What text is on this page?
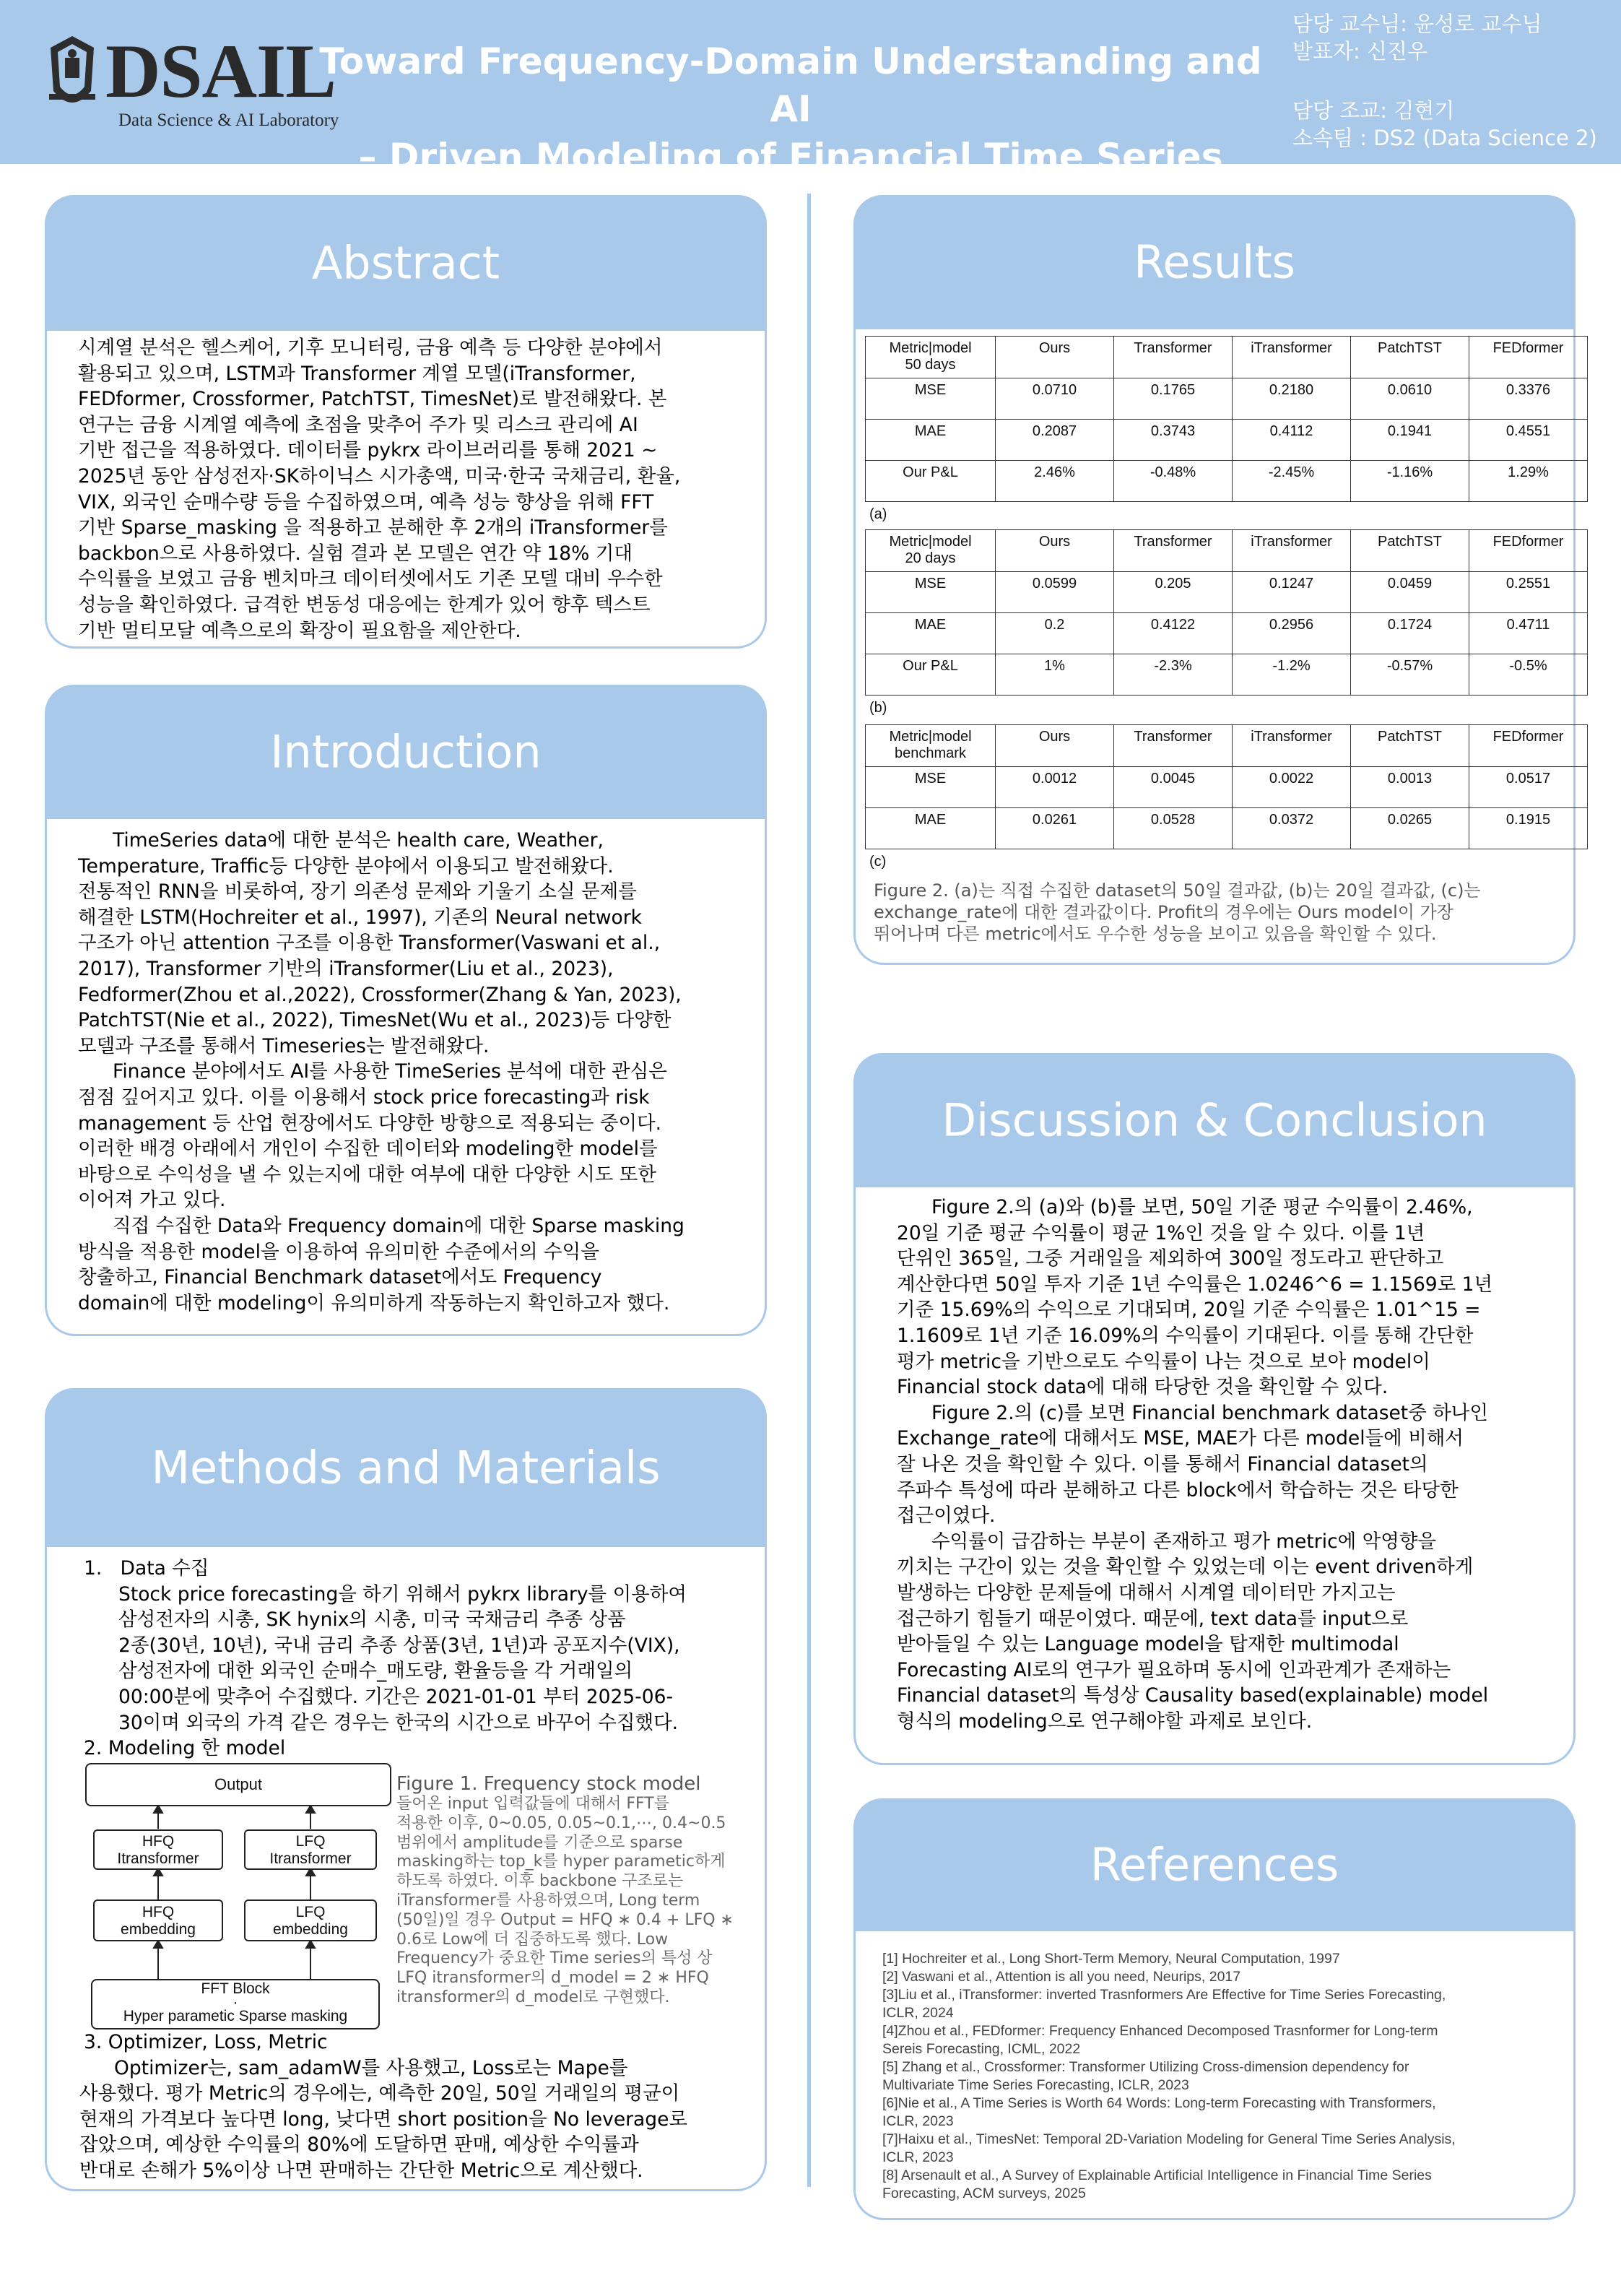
DSAIL
Data Science & AI Laboratory
Toward Frequency-Domain Understanding and AI
– Driven Modeling of Financial Time Series
담당 교수님: 윤성로 교수님
발표자: 신진우
담당 조교: 김현기
소속팀 : DS2 (Data Science 2)
Abstract
시계열 분석은 헬스케어, 기후 모니터링, 금융 예측 등 다양한 분야에서
활용되고 있으며, LSTM과 Transformer 계열 모델(iTransformer,
FEDformer, Crossformer, PatchTST, TimesNet)로 발전해왔다. 본
연구는 금융 시계열 예측에 초점을 맞추어 주가 및 리스크 관리에 AI
기반 접근을 적용하였다. 데이터를 pykrx 라이브러리를 통해 2021 ~
2025년 동안 삼성전자·SK하이닉스 시가총액, 미국·한국 국채금리, 환율,
VIX, 외국인 순매수량 등을 수집하였으며, 예측 성능 향상을 위해 FFT
기반 Sparse_masking 을 적용하고 분해한 후 2개의 iTransformer를
backbon으로 사용하였다. 실험 결과 본 모델은 연간 약 18% 기대
수익률을 보였고 금융 벤치마크 데이터셋에서도 기존 모델 대비 우수한
성능을 확인하였다. 급격한 변동성 대응에는 한계가 있어 향후 텍스트
기반 멀티모달 예측으로의 확장이 필요함을 제안한다.
Introduction
TimeSeries data에 대한 분석은 health care, Weather,
Temperature, Traffic등 다양한 분야에서 이용되고 발전해왔다.
전통적인 RNN을 비롯하여, 장기 의존성 문제와 기울기 소실 문제를
해결한 LSTM(Hochreiter et al., 1997), 기존의 Neural network
구조가 아닌 attention 구조를 이용한 Transformer(Vaswani et al.,
2017), Transformer 기반의 iTransformer(Liu et al., 2023),
Fedformer(Zhou et al.,2022), Crossformer(Zhang & Yan, 2023),
PatchTST(Nie et al., 2022), TimesNet(Wu et al., 2023)등 다양한
모델과 구조를 통해서 Timeseries는 발전해왔다.
Finance 분야에서도 AI를 사용한 TimeSeries 분석에 대한 관심은
점점 깊어지고 있다. 이를 이용해서 stock price forecasting과 risk
management 등 산업 현장에서도 다양한 방향으로 적용되는 중이다.
이러한 배경 아래에서 개인이 수집한 데이터와 modeling한 model를
바탕으로 수익성을 낼 수 있는지에 대한 여부에 대한 다양한 시도 또한
이어져 가고 있다.
직접 수집한 Data와 Frequency domain에 대한 Sparse masking
방식을 적용한 model을 이용하여 유의미한 수준에서의 수익을
창출하고, Financial Benchmark dataset에서도 Frequency
domain에 대한 modeling이 유의미하게 작동하는지 확인하고자 했다.
Methods and Materials
1.   Data 수집
Stock price forecasting을 하기 위해서 pykrx library를 이용하여
삼성전자의 시총, SK hynix의 시총, 미국 국채금리 추종 상품
2종(30년, 10년), 국내 금리 추종 상품(3년, 1년)과 공포지수(VIX),
삼성전자에 대한 외국인 순매수_매도량, 환율등을 각 거래일의
00:00분에 맞추어 수집했다. 기간은 2021-01-01 부터 2025-06-
30이며 외국의 가격 같은 경우는 한국의 시간으로 바꾸어 수집했다.
2. Modeling 한 model
Output
HFQ
Itransformer
LFQ
Itransformer
HFQ
embedding
LFQ
embedding
FFT Block
·
Hyper parametic Sparse masking
Figure 1. Frequency stock model
들어온 input 입력값들에 대해서 FFT를
적용한 이후, 0~0.05, 0.05~0.1,⋯, 0.4~0.5
범위에서 amplitude를 기준으로 sparse
masking하는 top_k를 hyper parametic하게
하도록 하였다. 이후 backbone 구조로는
iTransformer를 사용하였으며, Long term
(50일)일 경우 Output = HFQ ∗ 0.4 + LFQ ∗
0.6로 Low에 더 집중하도록 했다. Low
Frequency가 중요한 Time series의 특성 상
LFQ itransformer의 d_model = 2 ∗ HFQ
itransformer의 d_model로 구현했다.
3. Optimizer, Loss, Metric
Optimizer는, sam_adamW를 사용했고, Loss로는 Mape를
사용했다. 평가 Metric의 경우에는, 예측한 20일, 50일 거래일의 평균이
현재의 가격보다 높다면 long, 낮다면 short position을 No leverage로
잡았으며, 예상한 수익률의 80%에 도달하면 판매, 예상한 수익률과
반대로 손해가 5%이상 나면 판매하는 간단한 Metric으로 계산했다.
Results
Metric|model
50 days	Ours	Transformer	iTransformer	PatchTST	FEDformer
MSE	0.0710	0.1765	0.2180	0.0610	0.3376
MAE	0.2087	0.3743	0.4112	0.1941	0.4551
Our P&L	2.46%	-0.48%	-2.45%	-1.16%	1.29%
(a)
Metric|model
20 days	Ours	Transformer	iTransformer	PatchTST	FEDformer
MSE	0.0599	0.205	0.1247	0.0459	0.2551
MAE	0.2	0.4122	0.2956	0.1724	0.4711
Our P&L	1%	-2.3%	-1.2%	-0.57%	-0.5%
(b)
Metric|model
benchmark	Ours	Transformer	iTransformer	PatchTST	FEDformer
MSE	0.0012	0.0045	0.0022	0.0013	0.0517
MAE	0.0261	0.0528	0.0372	0.0265	0.1915
(c)
Figure 2. (a)는 직접 수집한 dataset의 50일 결과값, (b)는 20일 결과값, (c)는
exchange_rate에 대한 결과값이다. Profit의 경우에는 Ours model이 가장
뛰어나며 다른 metric에서도 우수한 성능을 보이고 있음을 확인할 수 있다.
Discussion & Conclusion
Figure 2.의 (a)와 (b)를 보면, 50일 기준 평균 수익률이 2.46%,
20일 기준 평균 수익률이 평균 1%인 것을 알 수 있다. 이를 1년
단위인 365일, 그중 거래일을 제외하여 300일 정도라고 판단하고
계산한다면 50일 투자 기준 1년 수익률은 1.0246^6 = 1.1569로 1년
기준 15.69%의 수익으로 기대되며, 20일 기준 수익률은 1.01^15 =
1.1609로 1년 기준 16.09%의 수익률이 기대된다. 이를 통해 간단한
평가 metric을 기반으로도 수익률이 나는 것으로 보아 model이
Financial stock data에 대해 타당한 것을 확인할 수 있다.
Figure 2.의 (c)를 보면 Financial benchmark dataset중 하나인
Exchange_rate에 대해서도 MSE, MAE가 다른 model들에 비해서
잘 나온 것을 확인할 수 있다. 이를 통해서 Financial dataset의
주파수 특성에 따라 분해하고 다른 block에서 학습하는 것은 타당한
접근이였다.
수익률이 급감하는 부분이 존재하고 평가 metric에 악영향을
끼치는 구간이 있는 것을 확인할 수 있었는데 이는 event driven하게
발생하는 다양한 문제들에 대해서 시계열 데이터만 가지고는
접근하기 힘들기 때문이였다. 때문에, text data를 input으로
받아들일 수 있는 Language model을 탑재한 multimodal
Forecasting AI로의 연구가 필요하며 동시에 인과관계가 존재하는
Financial dataset의 특성상 Causality based(explainable) model
형식의 modeling으로 연구해야할 과제로 보인다.
References
[1] Hochreiter et al., Long Short-Term Memory, Neural Computation, 1997
[2] Vaswani et al., Attention is all you need, Neurips, 2017
[3]Liu et al., iTransformer: inverted Trasnformers Are Effective for Time Series Forecasting,
ICLR, 2024
[4]Zhou et al., FEDformer: Frequency Enhanced Decomposed Trasnformer for Long-term
Sereis Forecasting, ICML, 2022
[5] Zhang et al., Crossformer: Transformer Utilizing Cross-dimension dependency for
Multivariate Time Series Forecasting, ICLR, 2023
[6]Nie et al., A Time Series is Worth 64 Words: Long-term Forecasting with Transformers,
ICLR, 2023
[7]Haixu et al., TimesNet: Temporal 2D-Variation Modeling for General Time Series Analysis,
ICLR, 2023
[8] Arsenault et al., A Survey of Explainable Artificial Intelligence in Financial Time Series
Forecasting, ACM surveys, 2025
